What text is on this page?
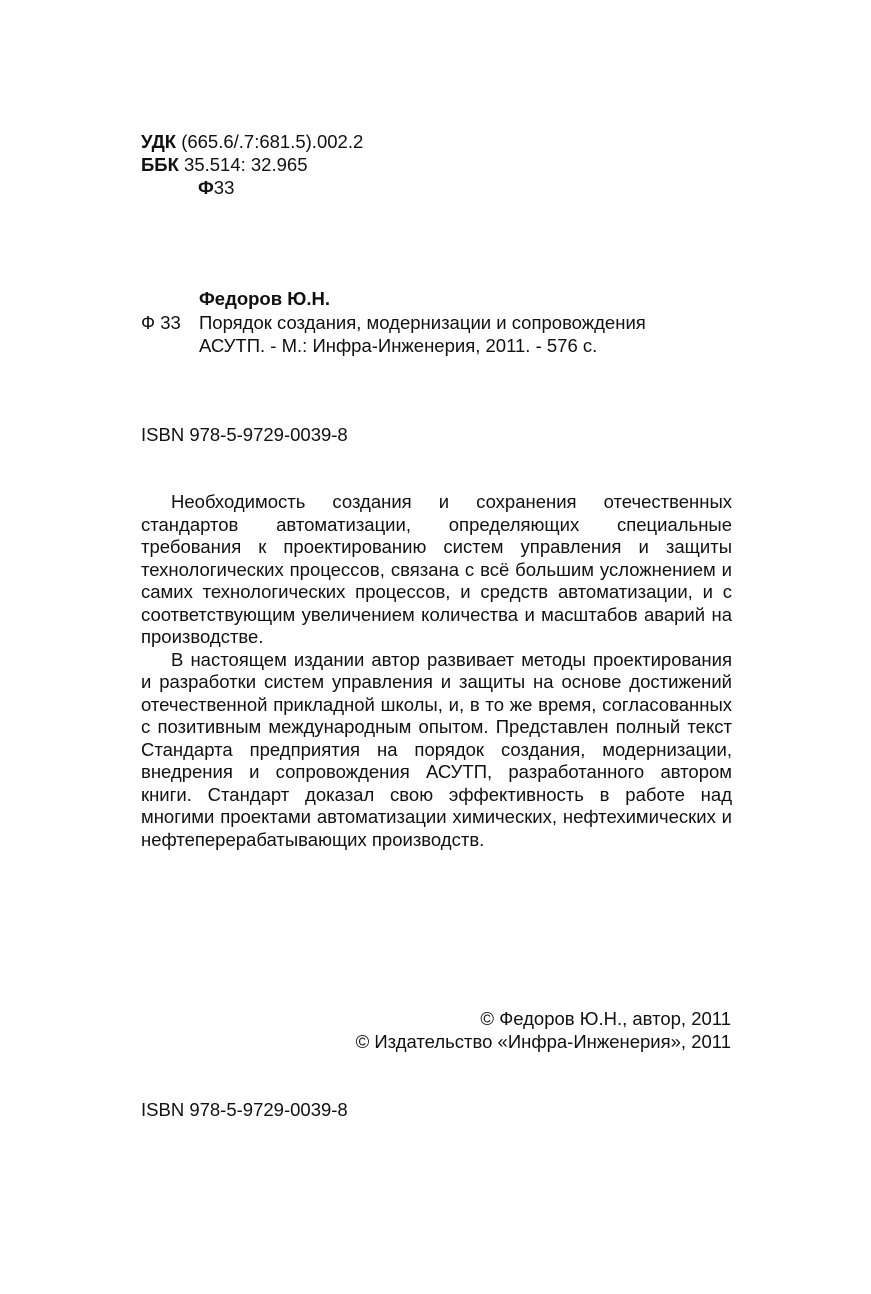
УДК (665.6/.7:681.5).002.2
ББК 35.514: 32.965
Ф33
Федоров Ю.Н.
Ф 33 Порядок создания, модернизации и сопровождения
АСУТП. - М.: Инфра-Инженерия, 2011. - 576 с.
ISBN 978-5-9729-0039-8

Необходимость создания и сохранения отечественных стандартов автоматизации, определяющих специальные требования к проектированию систем управления и защиты технологических процессов, связана с всё большим усложнением и самих технологических процессов, и средств автоматизации, и с соответствующим увеличением количества и масштабов аварий на производстве.

В настоящем издании автор развивает методы проектирования и разработки систем управления и защиты на основе достижений отечественной прикладной школы, и, в то же время, согласованных с позитивным международным опытом. Представлен полный текст Стандарта предприятия на порядок создания, модернизации, внедрения и сопровождения АСУТП, разработанного автором книги. Стандарт доказал свою эффективность в работе над многими проектами автоматизации химических, нефтехимических и нефтеперерабатывающих производств.

© Федоров Ю.Н., автор, 2011
© Издательство «Инфра-Инженерия», 2011
ISBN 978-5-9729-0039-8
